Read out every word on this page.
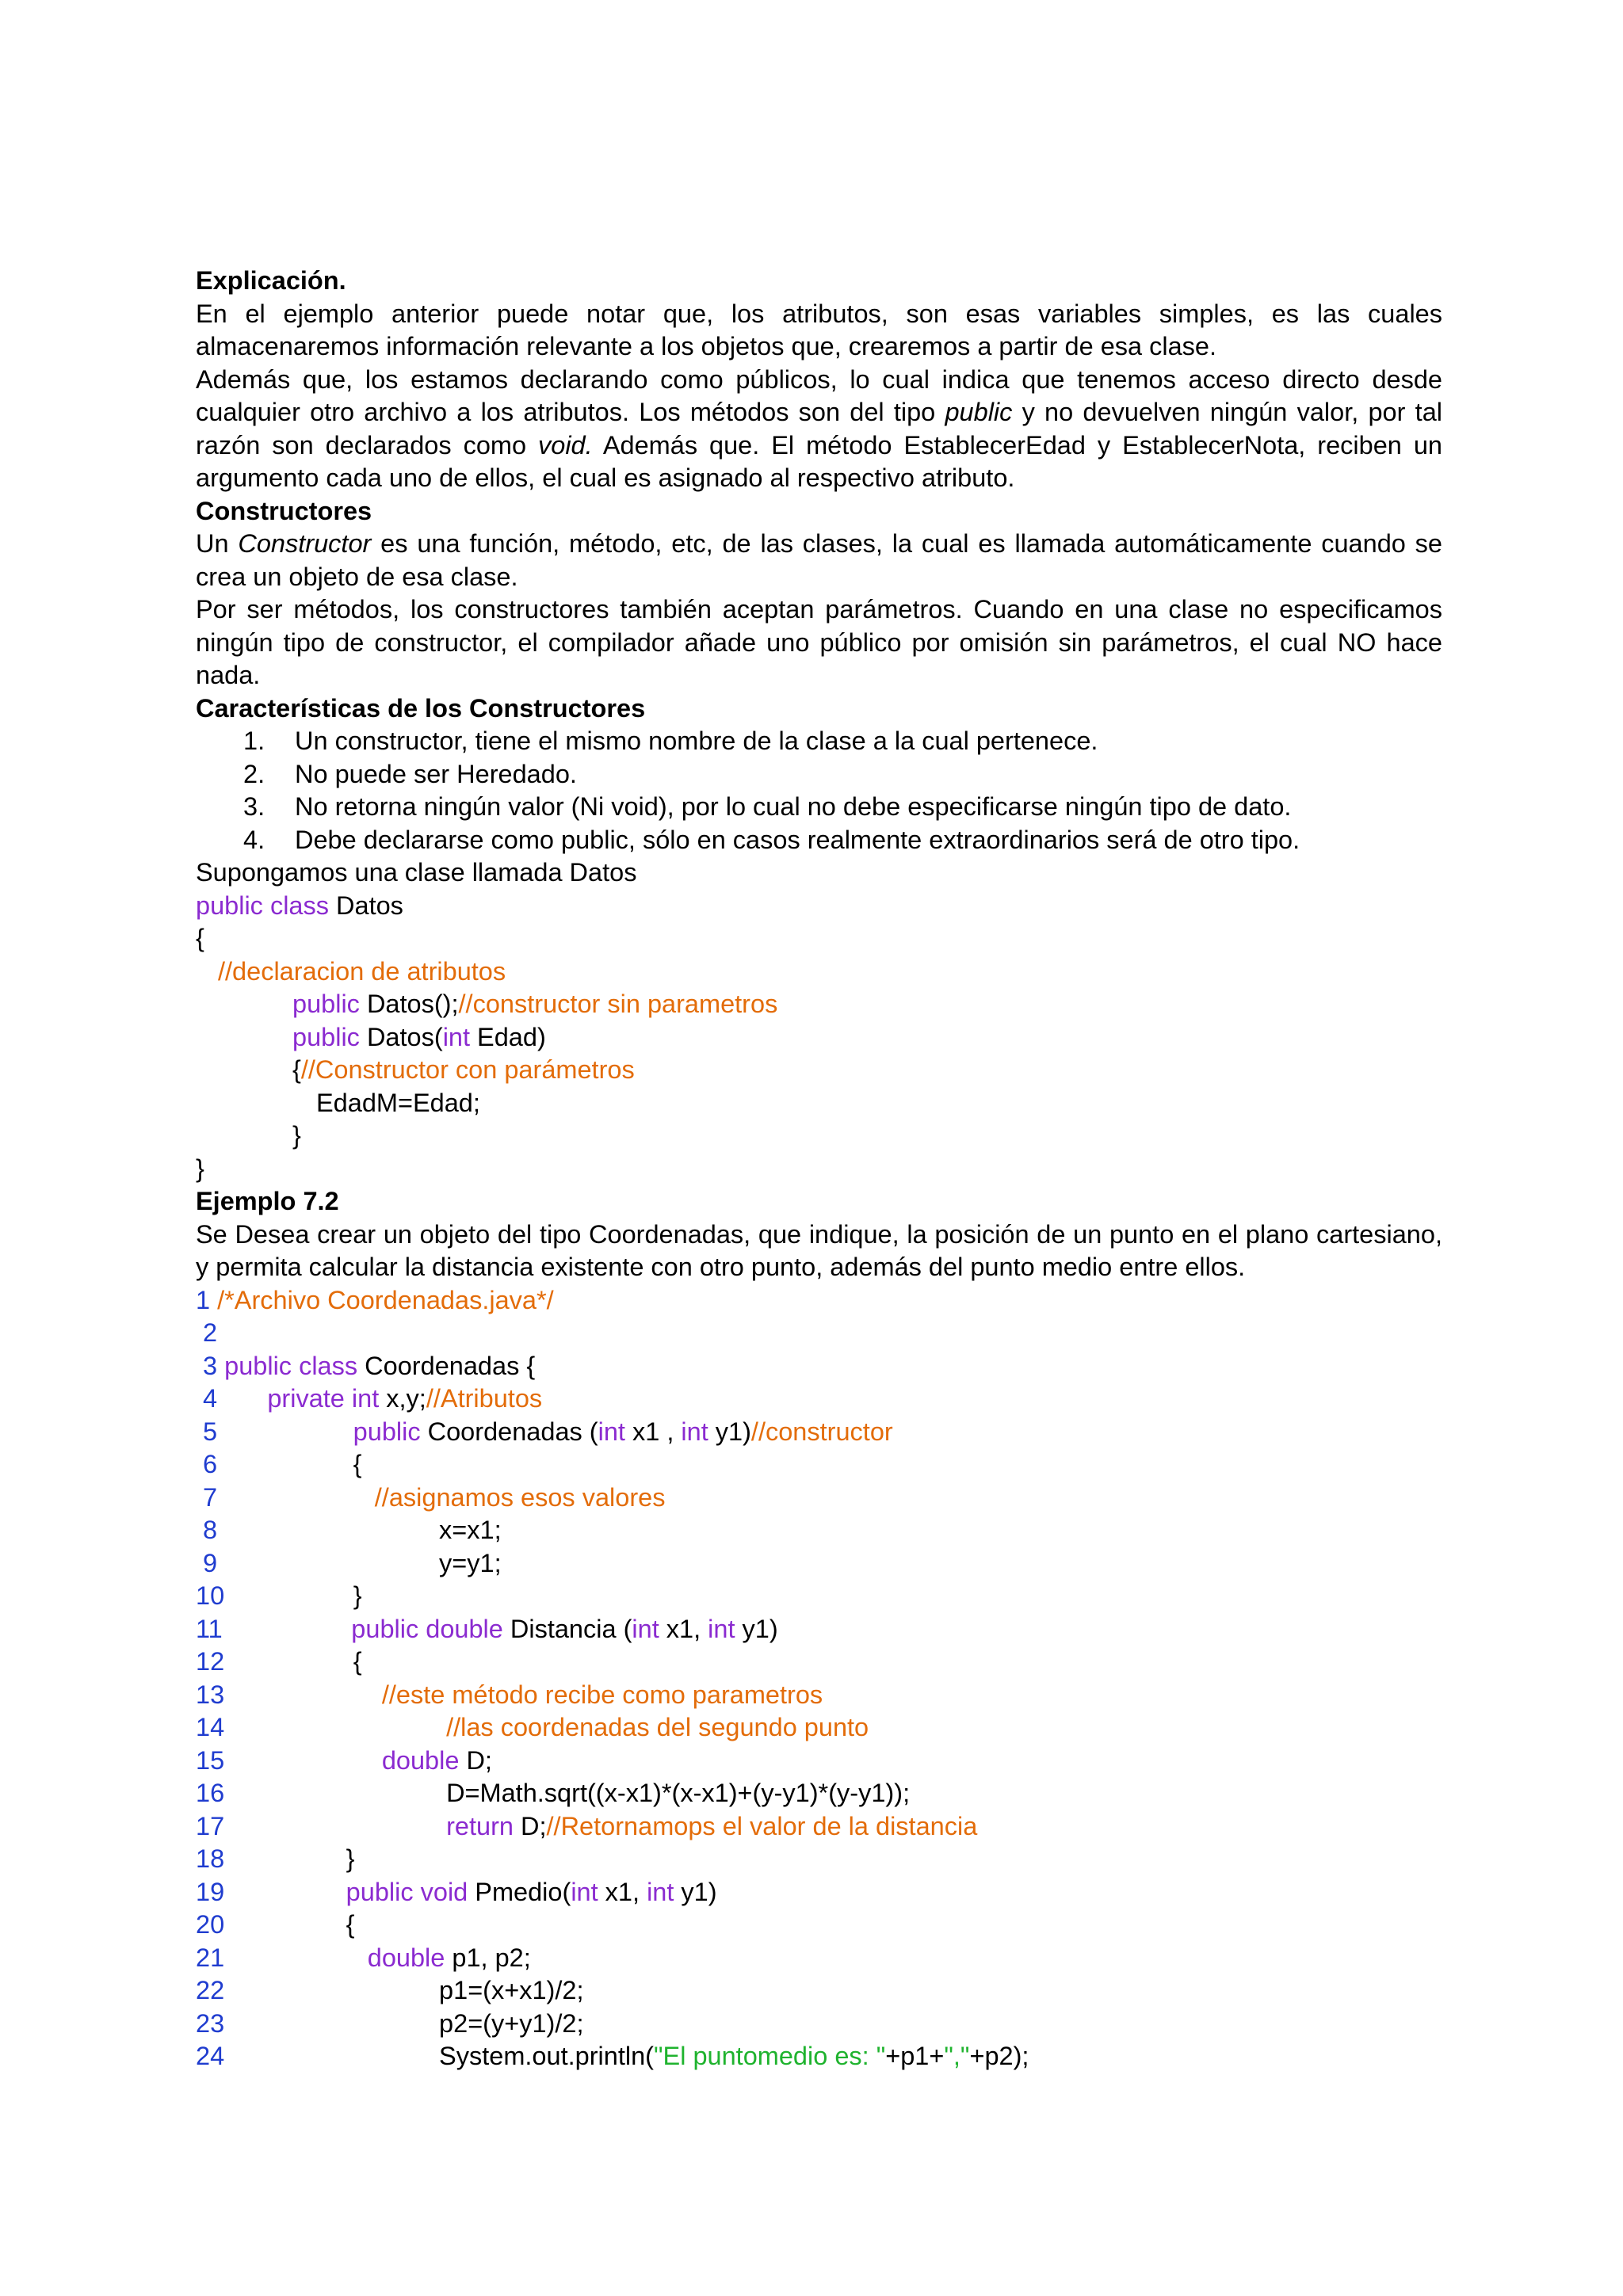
Explicación.
En el ejemplo anterior puede notar que, los atributos, son esas variables simples, es las cuales almacenaremos información relevante a los objetos que, crearemos a partir de esa clase.
Además que, los estamos declarando como públicos, lo cual indica que tenemos acceso directo desde cualquier otro archivo a los atributos. Los métodos son del tipo public y no devuelven ningún valor, por tal razón son declarados como void. Además que. El método EstablecerEdad y EstablecerNota, reciben un argumento cada uno de ellos, el cual es asignado al respectivo atributo.
Constructores
Un Constructor es una función, método, etc, de las clases, la cual es llamada automáticamente cuando se crea un objeto de esa clase.
Por ser métodos, los constructores también aceptan parámetros. Cuando en una clase no especificamos ningún tipo de constructor, el compilador añade uno público por omisión sin parámetros, el cual NO hace nada.
Características de los Constructores
1. Un constructor, tiene el mismo nombre de la clase a la cual pertenece.
2. No puede ser Heredado.
3. No retorna ningún valor (Ni void), por lo cual no debe especificarse ningún tipo de dato.
4. Debe declararse como public, sólo en casos realmente extraordinarios será de otro tipo.
Supongamos una clase llamada Datos
public class Datos
{
//declaracion de atributos
public Datos();//constructor sin parametros
public Datos(int Edad)
{//Constructor con parámetros
EdadM=Edad;
}
}
Ejemplo 7.2
Se Desea crear un objeto del tipo Coordenadas, que indique, la posición de un punto en el plano cartesiano, y permita calcular la distancia existente con otro punto, además del punto medio entre ellos.
1 /*Archivo Coordenadas.java*/
2
3 public class Coordenadas {
4 private int x,y;//Atributos
5	public Coordenadas (int x1 , int y1)//constructor
6                   {
7	//asignamos esos valores
8                               x=x1;
9                               y=y1;
10                  }
11	public double Distancia (int x1, int y1)
12                  {
13	//este método recibe como parametros
14	//las coordenadas del segundo punto
15	double D;
16                               D=Math.sqrt((x-x1)*(x-x1)+(y-y1)*(y-y1));
17	return D;//Retornamops el valor de la distancia
18                 }
19	public void Pmedio(int x1, int y1)
20                 {
21	double p1, p2;
22                              p1=(x+x1)/2;
23                              p2=(y+y1)/2;
24                              System.out.println("El puntomedio es: "+p1+","+p2);
